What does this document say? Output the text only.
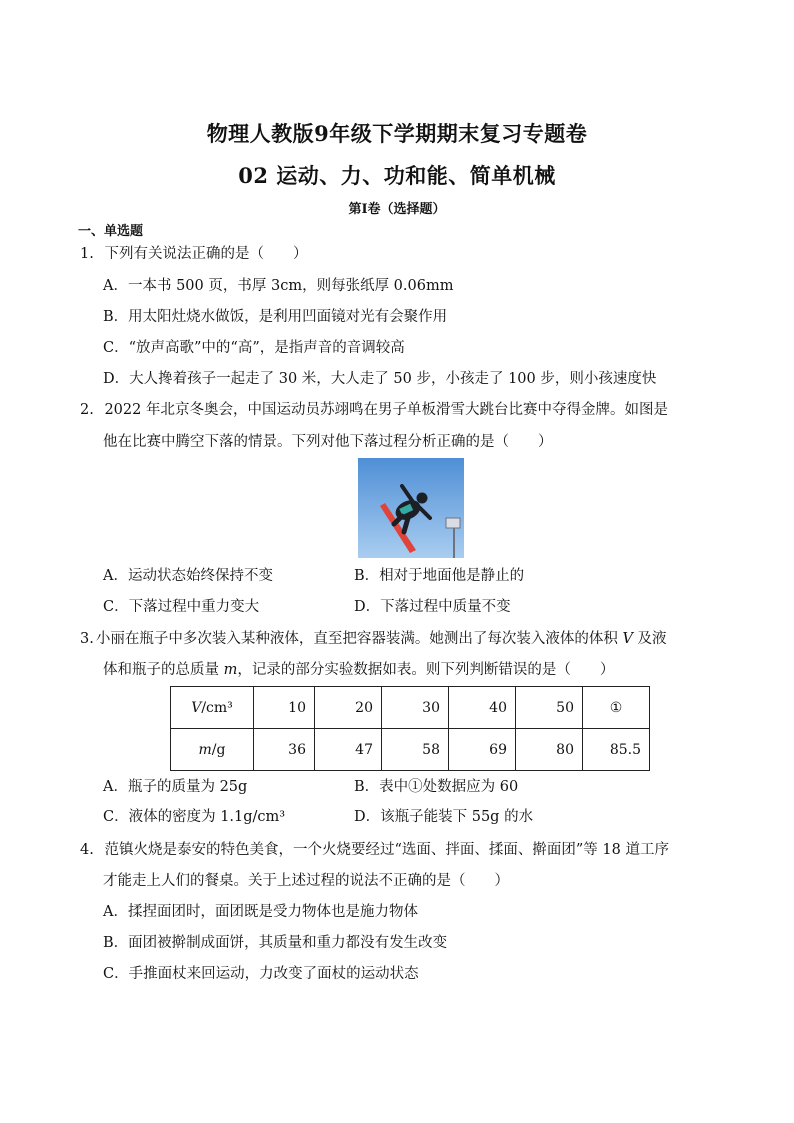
物理人教版9年级下学期期末复习专题卷
02 运动、力、功和能、简单机械
第I卷（选择题）
一、单选题
1. 下列有关说法正确的是（　　）
A．一本书 500 页，书厚 3cm，则每张纸厚 0.06mm
B．用太阳灶烧水做饭，是利用凹面镜对光有会聚作用
C．“放声高歌”中的“高”，是指声音的音调较高
D．大人搀着孩子一起走了 30 米，大人走了 50 步，小孩走了 100 步，则小孩速度快
2. 2022 年北京冬奥会，中国运动员苏翊鸣在男子单板滑雪大跳台比赛中夺得金牌。如图是
他在比赛中腾空下落的情景。下列对他下落过程分析正确的是（　　）
A．运动状态始终保持不变	B．相对于地面他是静止的
C．下落过程中重力变大	D．下落过程中质量不变
3. 小丽在瓶子中多次装入某种液体，直至把容器装满。她测出了每次装入液体的体积 V 及液
体和瓶子的总质量 m，记录的部分实验数据如表。则下列判断错误的是（　　）
V/cm³	10	20	30	40	50	①
m/g	36	47	58	69	80	85.5
A．瓶子的质量为 25g	B．表中①处数据应为 60
C．液体的密度为 1.1g/cm³	D．该瓶子能装下 55g 的水
4. 范镇火烧是泰安的特色美食，一个火烧要经过“选面、拌面、揉面、擀面团”等 18 道工序
才能走上人们的餐桌。关于上述过程的说法不正确的是（　　）
A．揉捏面团时，面团既是受力物体也是施力物体
B．面团被擀制成面饼，其质量和重力都没有发生改变
C．手推面杖来回运动，力改变了面杖的运动状态
